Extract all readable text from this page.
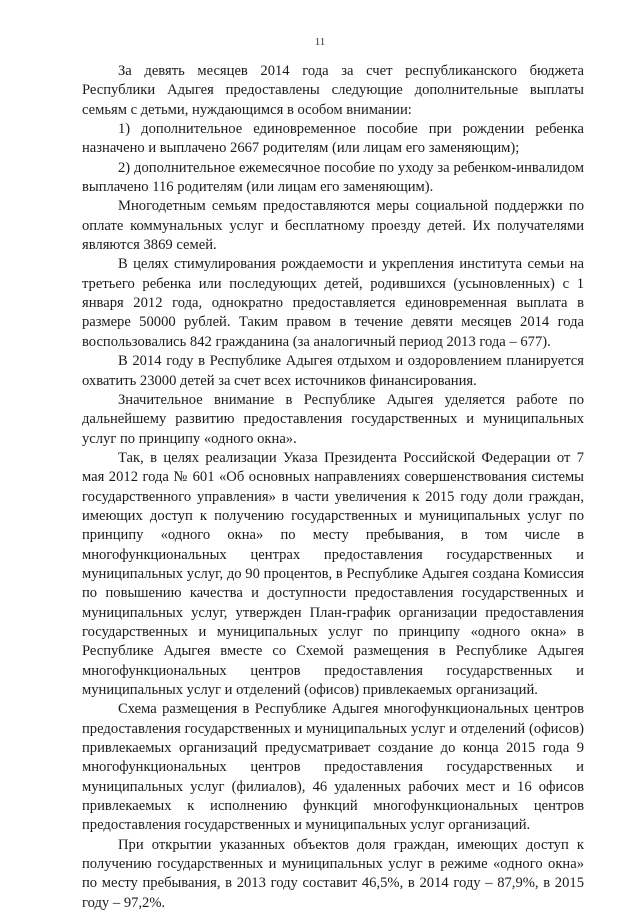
11

За девять месяцев 2014 года за счет республиканского бюджета Республики Адыгея предоставлены следующие дополнительные выплаты семьям с детьми, нуждающимся в особом внимании:

1) дополнительное единовременное пособие при рождении ребенка назначено и выплачено 2667 родителям (или лицам его заменяющим);

2) дополнительное ежемесячное пособие по уходу за ребенком-инвалидом выплачено 116 родителям (или лицам его заменяющим).

Многодетным семьям предоставляются меры социальной поддержки по оплате коммунальных услуг и бесплатному проезду детей. Их получателями являются 3869 семей.

В целях стимулирования рождаемости и укрепления института семьи на третьего ребенка или последующих детей, родившихся (усыновленных) с 1 января 2012 года, однократно предоставляется единовременная выплата в размере 50000 рублей. Таким правом в течение девяти месяцев 2014 года воспользовались 842 гражданина (за аналогичный период 2013 года – 677).

В 2014 году в Республике Адыгея отдыхом и оздоровлением планируется охватить 23000 детей за счет всех источников финансирования.

Значительное внимание в Республике Адыгея уделяется работе по дальнейшему развитию предоставления государственных и муниципальных услуг по принципу «одного окна».

Так, в целях реализации Указа Президента Российской Федерации от 7 мая 2012 года № 601 «Об основных направлениях совершенствования системы государственного управления» в части увеличения к 2015 году доли граждан, имеющих доступ к получению государственных и муниципальных услуг по принципу «одного окна» по месту пребывания, в том числе в многофункциональных центрах предоставления государственных и муниципальных услуг, до 90 процентов, в Республике Адыгея создана Комиссия по повышению качества и доступности предоставления государственных и муниципальных услуг, утвержден План-график организации предоставления государственных и муниципальных услуг по принципу «одного окна» в Республике Адыгея вместе со Схемой размещения в Республике Адыгея многофункциональных центров предоставления государственных и муниципальных услуг и отделений (офисов) привлекаемых организаций.

Схема размещения в Республике Адыгея многофункциональных центров предоставления государственных и муниципальных услуг и отделений (офисов) привлекаемых организаций предусматривает создание до конца 2015 года 9 многофункциональных центров предоставления государственных и муниципальных услуг (филиалов), 46 удаленных рабочих мест и 16 офисов привлекаемых к исполнению функций многофункциональных центров предоставления государственных и муниципальных услуг организаций.

При открытии указанных объектов доля граждан, имеющих доступ к получению государственных и муниципальных услуг в режиме «одного окна» по месту пребывания, в 2013 году составит 46,5%, в 2014 году – 87,9%, в 2015 году – 97,2%.
